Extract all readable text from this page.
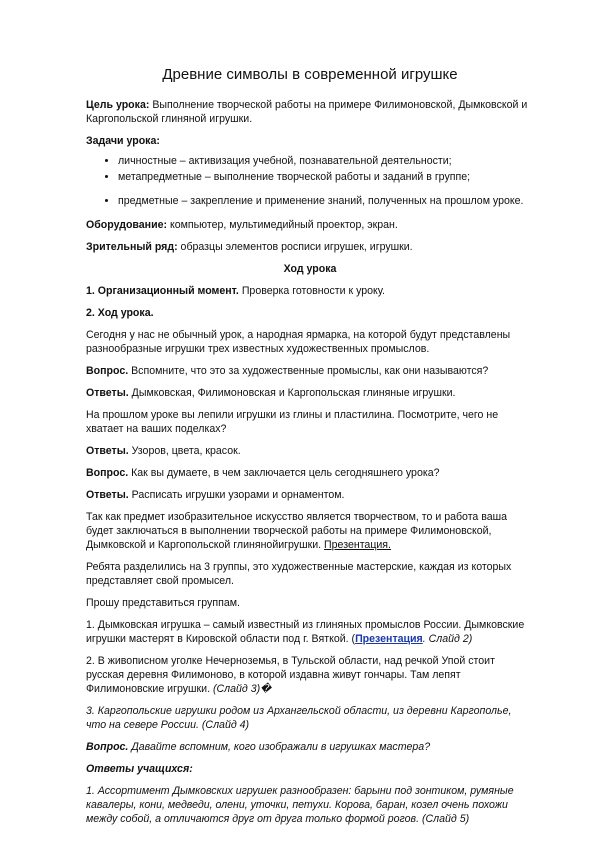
Древние символы в современной игрушке

Цель урока: Выполнение творческой работы на примере Филимоновской, Дымковской и Каргопольской глиняной игрушки.

Задачи урока:

• личностные – активизация учебной, познавательной деятельности;
• метапредметные – выполнение творческой работы и заданий в группе;
• предметные – закрепление и применение знаний, полученных на прошлом уроке.

Оборудование: компьютер, мультимедийный проектор, экран.

Зрительный ряд: образцы элементов росписи игрушек, игрушки.

Ход урока

1. Организационный момент. Проверка готовности к уроку.

2. Ход урока.

Сегодня у нас не обычный урок, а народная ярмарка, на которой будут представлены разнообразные игрушки трех известных художественных промыслов.

Вопрос. Вспомните, что это за художественные промыслы, как они называются?

Ответы. Дымковская, Филимоновская и Каргопольская глиняные игрушки.

На прошлом уроке вы лепили игрушки из глины и пластилина. Посмотрите, чего не хватает на ваших поделках?

Ответы. Узоров, цвета, красок.

Вопрос. Как вы думаете, в чем заключается цель сегодняшнего урока?

Ответы. Расписать игрушки узорами и орнаментом.

Так как предмет изобразительное искусство является творчеством, то и работа ваша будет заключаться в выполнении творческой работы на примере Филимоновской, Дымковской и Каргопольской глинянойигрушки. Презентация.

Ребята разделились на 3 группы, это художественные мастерские, каждая из которых представляет свой промысел.

Прошу представиться группам.

1. Дымковская игрушка – самый известный из глиняных промыслов России. Дымковские игрушки мастерят в Кировской области под г. Вяткой. (Презентация. Слайд 2)

2. В живописном уголке Нечерноземья, в Тульской области, над речкой Упой стоит русская деревня Филимоново, в которой издавна живут гончары. Там лепят Филимоновские игрушки. (Слайд 3)�

3. Каргопольские игрушки родом из Архангельской области, из деревни Каргополье, что на севере России. (Слайд 4)

Вопрос. Давайте вспомним, кого изображали в игрушках мастера?

Ответы учащихся:

1. Ассортимент Дымковских игрушек разнообразен: барыни под зонтиком, румяные кавалеры, кони, медведи, олени, уточки, петухи. Корова, баран, козел очень похожи между собой, а отличаются друг от друга только формой рогов. (Слайд 5)
